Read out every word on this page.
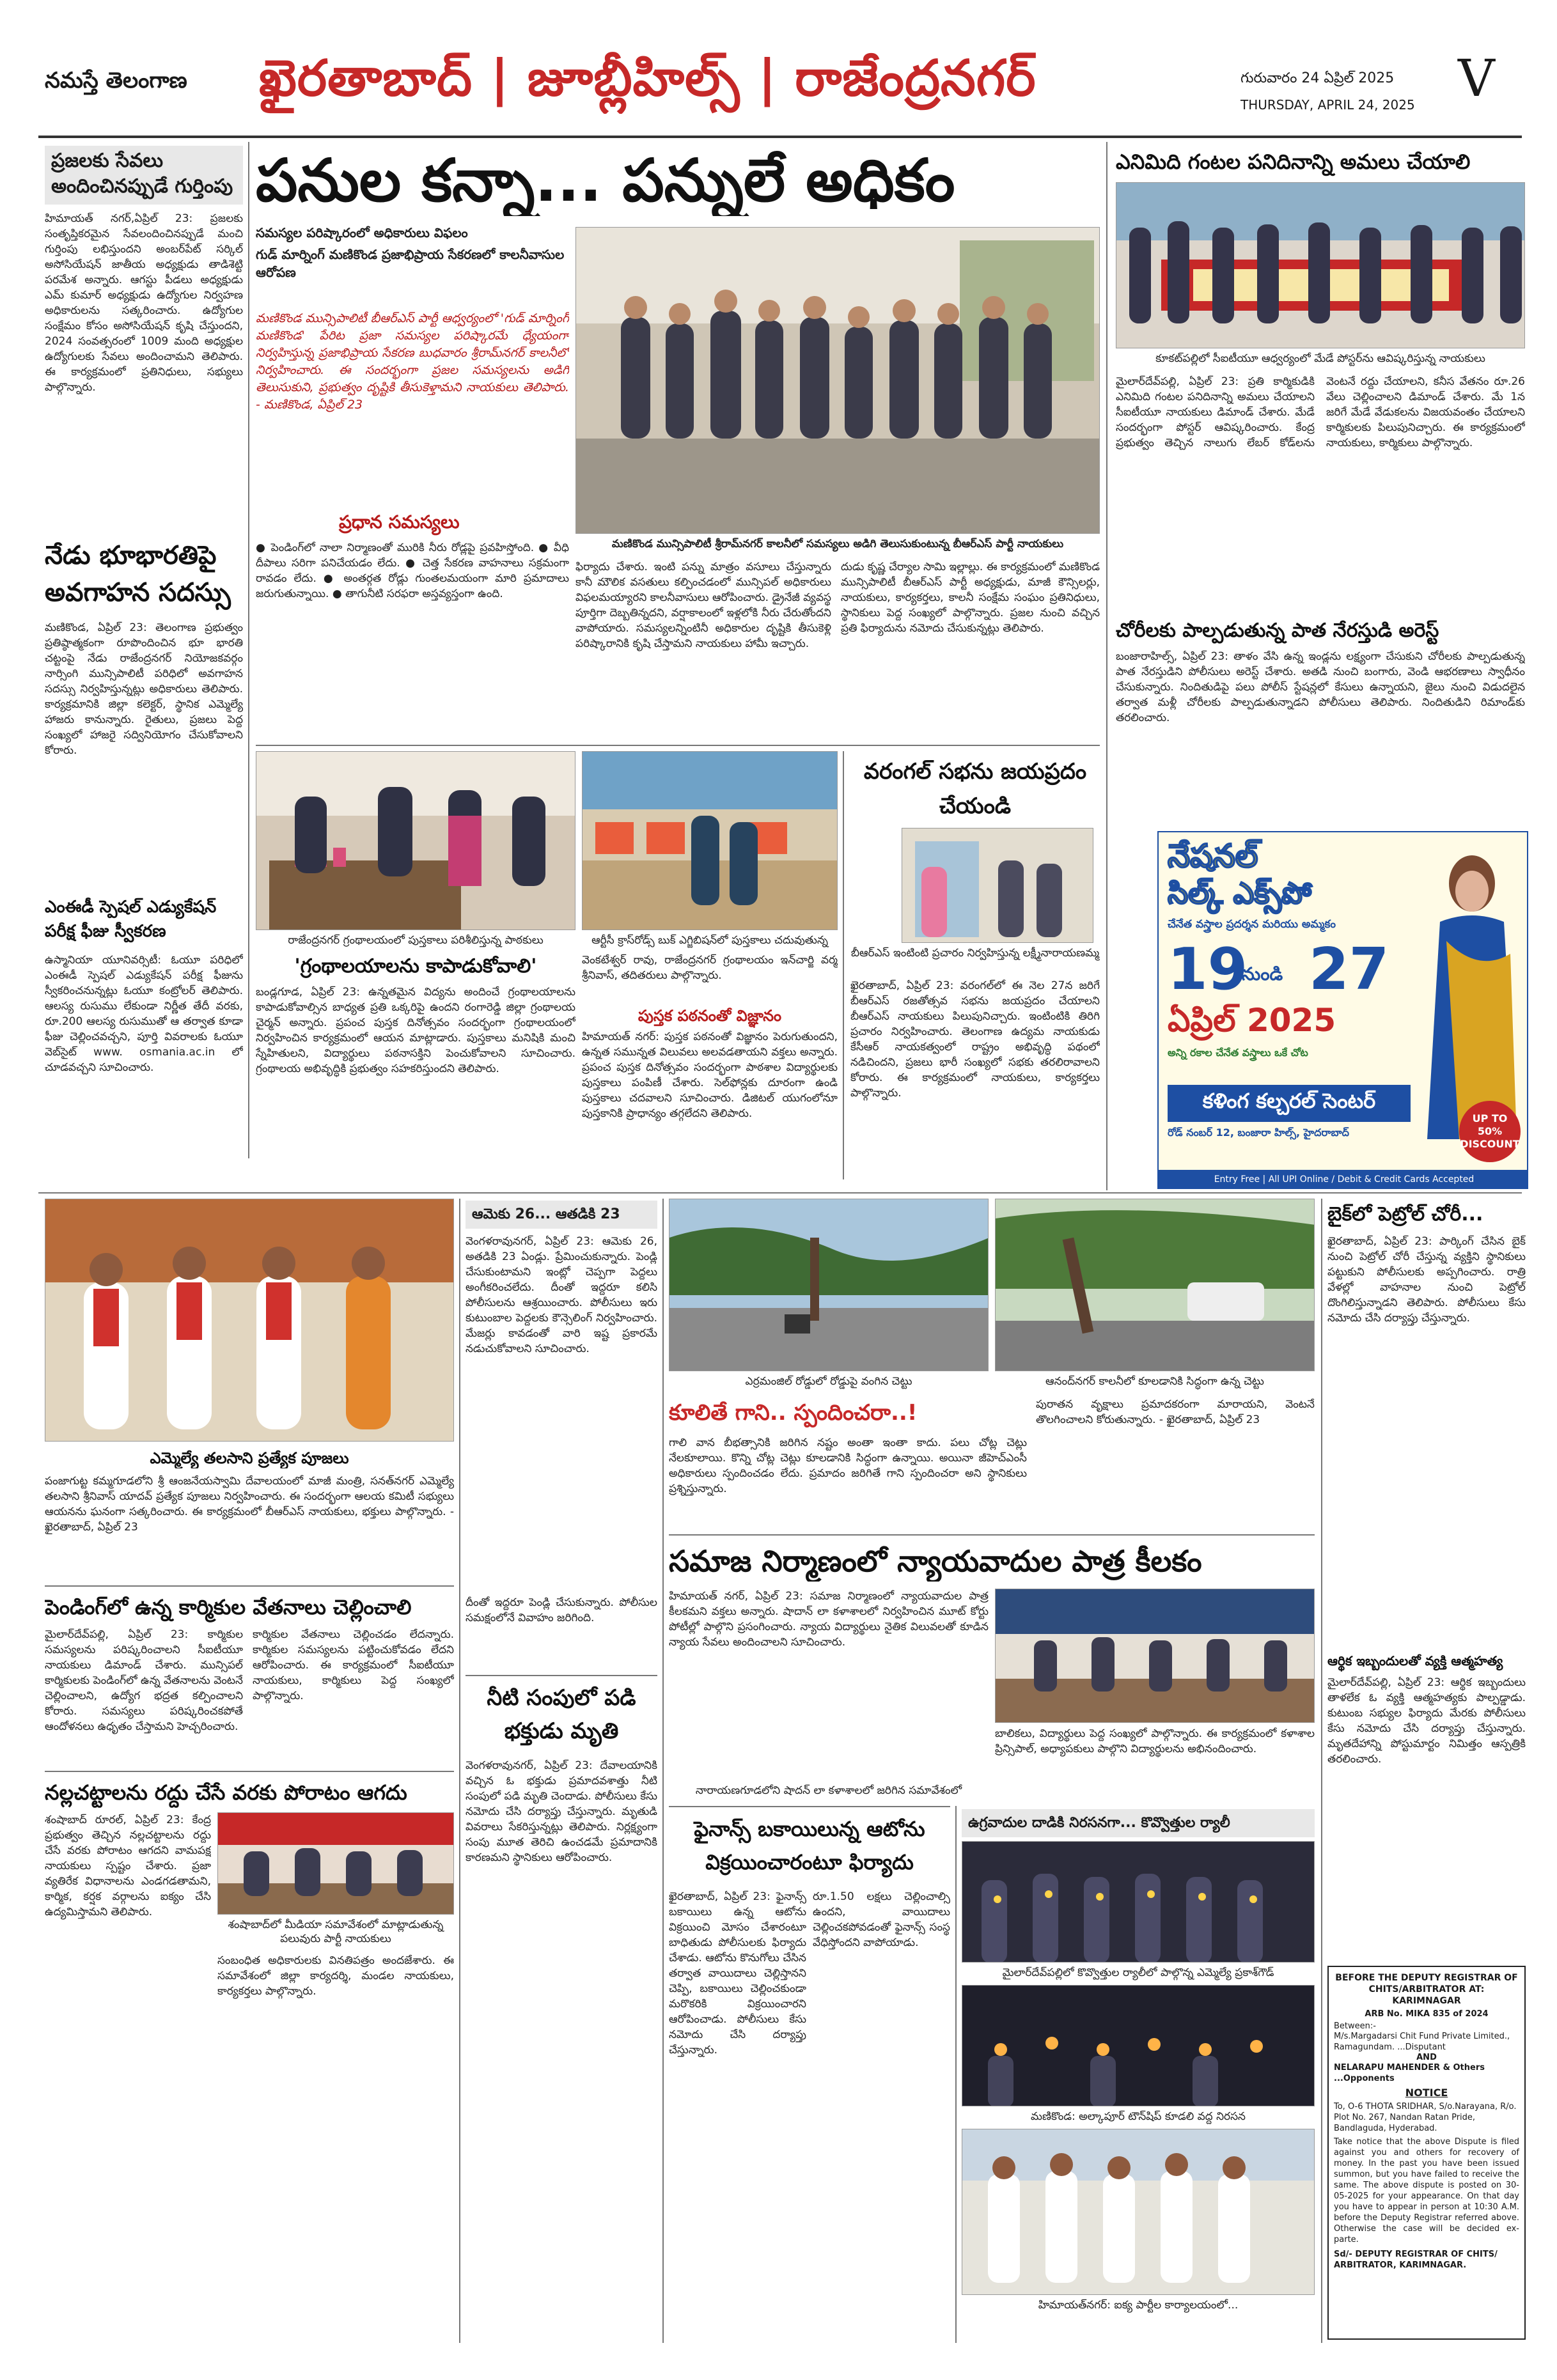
నమస్తే తెలంగాణ ఖైరతాబాద్ | జూబ్లీహిల్స్ | రాజేంద్రనగర్	గురువారం 24 ఏప్రిల్ 2025
THURSDAY, APRIL 24, 2025 V
ప్రజలకు సేవలు అందించినప్పుడే గుర్తింపు
హిమాయత్ నగర్,ఏప్రిల్ 23: ప్రజలకు సంతృప్తికరమైన సేవలందించినప్పుడే మంచి గుర్తింపు లభిస్తుందని అంబర్‌పేట్ సర్కిల్ అసోసియేషన్ జాతీయ అధ్యక్షుడు తాడిశెట్టి పరమేశ అన్నారు. ఆగస్టు పీడలు అధ్యక్షుడు ఎమ్ కుమార్ అధ్యక్షుడు ఉద్యోగుల నిర్వహణ అధికారులను సత్కరించారు. ఉద్యోగుల సంక్షేమం కోసం అసోసియేషన్ కృషి చేస్తుందని, 2024 సంవత్సరంలో 1009 మంది అధ్యక్షుల ఉద్యోగులకు సేవలు అందించామని తెలిపారు. ఈ కార్యక్రమంలో ప్రతినిధులు, సభ్యులు పాల్గొన్నారు.
నేడు భూభారతిపై అవగాహన సదస్సు
మణికొండ, ఏప్రిల్ 23: తెలంగాణ ప్రభుత్వం ప్రతిష్ఠాత్మకంగా రూపొందించిన భూ భారతి చట్టంపై నేడు రాజేంద్రనగర్ నియోజకవర్గం నార్సింగి మున్సిపాలిటీ పరిధిలో అవగాహన సదస్సు నిర్వహిస్తున్నట్లు అధికారులు తెలిపారు. కార్యక్రమానికి జిల్లా కలెక్టర్, స్థానిక ఎమ్మెల్యే హాజరు కానున్నారు. రైతులు, ప్రజలు పెద్ద సంఖ్యలో హాజరై సద్వినియోగం చేసుకోవాలని కోరారు.
ఎంఈడీ స్పెషల్ ఎడ్యుకేషన్ పరీక్ష ఫీజు స్వీకరణ
ఉస్మానియా యూనివర్సిటీ: ఓయూ పరిధిలో ఎంఈడీ స్పెషల్ ఎడ్యుకేషన్ పరీక్ష ఫీజును స్వీకరించనున్నట్లు ఓయూ కంట్రోలర్ తెలిపారు. ఆలస్య రుసుము లేకుండా నిర్ణీత తేదీ వరకు, రూ.200 ఆలస్య రుసుముతో ఆ తర్వాత కూడా ఫీజు చెల్లించవచ్చని, పూర్తి వివరాలకు ఓయూ వెబ్‌సైట్ www. osmania.ac.in లో చూడవచ్చని సూచించారు.
పనుల కన్నా... పన్నులే అధికం
సమస్యల పరిష్కారంలో అధికారులు విఫలం
గుడ్ మార్నింగ్ మణికొండ ప్రజాభిప్రాయ సేకరణలో కాలనీవాసుల ఆరోపణ
మణికొండ మున్సిపాలిటీ బీఆర్ఎస్ పార్టీ ఆధ్వర్యంలో 'గుడ్ మార్నింగ్ మణికొండ' పేరిట ప్రజా సమస్యల పరిష్కారమే ధ్యేయంగా నిర్వహిస్తున్న ప్రజాభిప్రాయ సేకరణ బుధవారం శ్రీరామ్‌నగర్ కాలనీలో నిర్వహించారు. ఈ సందర్భంగా ప్రజల సమస్యలను అడిగి తెలుసుకుని, ప్రభుత్వం దృష్టికి తీసుకెళ్తామని నాయకులు తెలిపారు. - మణికొండ, ఏప్రిల్ 23
ప్రధాన సమస్యలు
● పెండింగ్‌లో నాలా నిర్మాణంతో మురికి నీరు రోడ్లపై ప్రవహిస్తోంది. ● వీధి దీపాలు సరిగా పనిచేయడం లేదు. ● చెత్త సేకరణ వాహనాలు సక్రమంగా రావడం లేదు. ● అంతర్గత రోడ్లు గుంతలమయంగా మారి ప్రమాదాలు జరుగుతున్నాయి. ● తాగునీటి సరఫరా అస్తవ్యస్తంగా ఉంది.
మణికొండ మున్సిపాలిటీ శ్రీరామ్‌నగర్ కాలనీలో సమస్యలు అడిగి తెలుసుకుంటున్న బీఆర్ఎస్ పార్టీ నాయకులు
ఫిర్యాదు చేశారు. ఇంటి పన్ను మాత్రం వసూలు చేస్తున్నారు కానీ మౌలిక వసతులు కల్పించడంలో మున్సిపల్ అధికారులు విఫలమయ్యారని కాలనీవాసులు ఆరోపించారు. డ్రైనేజీ వ్యవస్థ పూర్తిగా దెబ్బతిన్నదని, వర్షాకాలంలో ఇళ్లలోకి నీరు చేరుతోందని వాపోయారు. సమస్యలన్నింటినీ అధికారుల దృష్టికి తీసుకెళ్లి పరిష్కారానికి కృషి చేస్తామని నాయకులు హామీ ఇచ్చారు.
దుడు కృష్ణ చేర్యాల సామి ఇల్లాల్లు. ఈ కార్యక్రమంలో మణికొండ మున్సిపాలిటీ బీఆర్ఎస్ పార్టీ అధ్యక్షుడు, మాజీ కౌన్సిలర్లు, నాయకులు, కార్యకర్తలు, కాలనీ సంక్షేమ సంఘం ప్రతినిధులు, స్థానికులు పెద్ద సంఖ్యలో పాల్గొన్నారు. ప్రజల నుంచి వచ్చిన ప్రతి ఫిర్యాదును నమోదు చేసుకున్నట్లు తెలిపారు.
ఎనిమిది గంటల పనిదినాన్ని అమలు చేయాలి
కూకట్‌పల్లిలో సీఐటీయూ ఆధ్వర్యంలో మేడే పోస్టర్‌ను ఆవిష్కరిస్తున్న నాయకులు
మైలార్‌దేవ్‌పల్లి, ఏప్రిల్ 23: ప్రతి కార్మికుడికి ఎనిమిది గంటల పనిదినాన్ని అమలు చేయాలని సీఐటీయూ నాయకులు డిమాండ్ చేశారు. మేడే సందర్భంగా పోస్టర్ ఆవిష్కరించారు. కేంద్ర ప్రభుత్వం తెచ్చిన నాలుగు లేబర్ కోడ్‌లను వెంటనే రద్దు చేయాలని, కనీస వేతనం రూ.26 వేలు చెల్లించాలని డిమాండ్ చేశారు. మే 1న జరిగే మేడే వేడుకలను విజయవంతం చేయాలని కార్మికులకు పిలుపునిచ్చారు. ఈ కార్యక్రమంలో నాయకులు, కార్మికులు పాల్గొన్నారు.
చోరీలకు పాల్పడుతున్న పాత నేరస్తుడి అరెస్ట్
బంజారాహిల్స్, ఏప్రిల్ 23: తాళం వేసి ఉన్న ఇండ్లను లక్ష్యంగా చేసుకుని చోరీలకు పాల్పడుతున్న పాత నేరస్తుడిని పోలీసులు అరెస్ట్ చేశారు. అతడి నుంచి బంగారు, వెండి ఆభరణాలు స్వాధీనం చేసుకున్నారు. నిందితుడిపై పలు పోలీస్ స్టేషన్లలో కేసులు ఉన్నాయని, జైలు నుంచి విడుదలైన తర్వాత మళ్లీ చోరీలకు పాల్పడుతున్నాడని పోలీసులు తెలిపారు. నిందితుడిని రిమాండ్‌కు తరలించారు.
రాజేంద్రనగర్ గ్రంథాలయంలో పుస్తకాలు పరిశీలిస్తున్న పాఠకులు	ఆర్టీసీ క్రాస్‌రోడ్స్ బుక్ ఎగ్జిబిషన్‌లో పుస్తకాలు చదువుతున్న
'గ్రంథాలయాలను కాపాడుకోవాలి'
బండ్లగూడ, ఏప్రిల్ 23: ఉన్నతమైన విద్యను అందించే గ్రంథాలయాలను కాపాడుకోవాల్సిన బాధ్యత ప్రతి ఒక్కరిపై ఉందని రంగారెడ్డి జిల్లా గ్రంథాలయ చైర్మన్ అన్నారు. ప్రపంచ పుస్తక దినోత్సవం సందర్భంగా గ్రంథాలయంలో నిర్వహించిన కార్యక్రమంలో ఆయన మాట్లాడారు. పుస్తకాలు మనిషికి మంచి స్నేహితులని, విద్యార్థులు పఠనాసక్తిని పెంచుకోవాలని సూచించారు. గ్రంథాలయ అభివృద్ధికి ప్రభుత్వం సహకరిస్తుందని తెలిపారు.
వెంకటేశ్వర్ రావు, రాజేంద్రనగర్ గ్రంథాలయం ఇన్‌చార్జి వర్మ శ్రీనివాస్, తదితరులు పాల్గొన్నారు.
పుస్తక పఠనంతో విజ్ఞానం
హిమాయత్ నగర్: పుస్తక పఠనంతో విజ్ఞానం పెరుగుతుందని, ఉన్నత సమున్నత విలువలు అలవడతాయని వక్తలు అన్నారు. ప్రపంచ పుస్తక దినోత్సవం సందర్భంగా పాఠశాల విద్యార్థులకు పుస్తకాలు పంపిణీ చేశారు. సెల్‌ఫోన్లకు దూరంగా ఉండి పుస్తకాలు చదవాలని సూచించారు. డిజిటల్ యుగంలోనూ పుస్తకానికి ప్రాధాన్యం తగ్గలేదని తెలిపారు.
వరంగల్ సభను జయప్రదం చేయండి
బీఆర్ఎస్ ఇంటింటి ప్రచారం నిర్వహిస్తున్న లక్ష్మీనారాయణమ్మ
ఖైరతాబాద్, ఏప్రిల్ 23: వరంగల్‌లో ఈ నెల 27న జరిగే బీఆర్ఎస్ రజతోత్సవ సభను జయప్రదం చేయాలని బీఆర్ఎస్ నాయకులు పిలుపునిచ్చారు. ఇంటింటికి తిరిగి ప్రచారం నిర్వహించారు. తెలంగాణ ఉద్యమ నాయకుడు కేసీఆర్ నాయకత్వంలో రాష్ట్రం అభివృద్ధి పథంలో నడిచిందని, ప్రజలు భారీ సంఖ్యలో సభకు తరలిరావాలని కోరారు. ఈ కార్యక్రమంలో నాయకులు, కార్యకర్తలు పాల్గొన్నారు.
నేషనల్
సిల్క్ ఎక్స్‌పో
చేనేత వస్త్రాల ప్రదర్శన మరియు అమ్మకం
19
నుండి 27
ఏప్రిల్ 2025
అన్ని రకాల చేనేత వస్త్రాలు ఒకే చోట
కళింగ కల్చరల్ సెంటర్
రోడ్ నంబర్ 12, బంజారా హిల్స్, హైదరాబాద్
UP TO 50% DISCOUNT
Entry Free | All UPI Online / Debit & Credit Cards Accepted
ఎమ్మెల్యే తలసాని ప్రత్యేక పూజలు
పంజాగుట్ట కమ్మగూడలోని శ్రీ ఆంజనేయస్వామి దేవాలయంలో మాజీ మంత్రి, సనత్‌నగర్ ఎమ్మెల్యే తలసాని శ్రీనివాస్ యాదవ్ ప్రత్యేక పూజలు నిర్వహించారు. ఈ సందర్భంగా ఆలయ కమిటీ సభ్యులు ఆయనను ఘనంగా సత్కరించారు. ఈ కార్యక్రమంలో బీఆర్ఎస్ నాయకులు, భక్తులు పాల్గొన్నారు. - ఖైరతాబాద్, ఏప్రిల్ 23
పెండింగ్‌లో ఉన్న కార్మికుల వేతనాలు చెల్లించాలి
మైలార్‌దేవ్‌పల్లి, ఏప్రిల్ 23: కార్మికుల సమస్యలను పరిష్కరించాలని సీఐటీయూ నాయకులు డిమాండ్ చేశారు. మున్సిపల్ కార్మికులకు పెండింగ్‌లో ఉన్న వేతనాలను వెంటనే చెల్లించాలని, ఉద్యోగ భద్రత కల్పించాలని కోరారు. సమస్యలు పరిష్కరించకపోతే ఆందోళనలు ఉధృతం చేస్తామని హెచ్చరించారు.
కార్మికుల వేతనాలు చెల్లించడం లేదన్నారు. కార్మికుల సమస్యలను పట్టించుకోవడం లేదని ఆరోపించారు. ఈ కార్యక్రమంలో సీఐటీయూ నాయకులు, కార్మికులు పెద్ద సంఖ్యలో పాల్గొన్నారు.
నల్లచట్టాలను రద్దు చేసే వరకు పోరాటం ఆగదు
శంషాబాద్‌లో మీడియా సమావేశంలో మాట్లాడుతున్న పలువురు పార్టీ నాయకులు
శంషాబాద్ రూరల్, ఏప్రిల్ 23: కేంద్ర ప్రభుత్వం తెచ్చిన నల్లచట్టాలను రద్దు చేసే వరకు పోరాటం ఆగదని వామపక్ష నాయకులు స్పష్టం చేశారు. ప్రజా వ్యతిరేక విధానాలను ఎండగడతామని, కార్మిక, కర్షక వర్గాలను ఐక్యం చేసి ఉద్యమిస్తామని తెలిపారు.
సంబంధిత అధికారులకు వినతిపత్రం అందజేశారు. ఈ సమావేశంలో జిల్లా కార్యదర్శి, మండల నాయకులు, కార్యకర్తలు పాల్గొన్నారు.
ఆమెకు 26... ఆతడికి 23
వెంగళరావునగర్, ఏప్రిల్ 23: ఆమెకు 26, అతడికి 23 ఏండ్లు. ప్రేమించుకున్నారు. పెండ్లి చేసుకుంటామని ఇంట్లో చెప్పగా పెద్దలు అంగీకరించలేదు. దీంతో ఇద్దరూ కలిసి పోలీసులను ఆశ్రయించారు. పోలీసులు ఇరు కుటుంబాల పెద్దలకు కౌన్సెలింగ్ నిర్వహించారు. మేజర్లు కావడంతో వారి ఇష్ట ప్రకారమే నడుచుకోవాలని సూచించారు.
దీంతో ఇద్దరూ పెండ్లి చేసుకున్నారు. పోలీసుల సమక్షంలోనే వివాహం జరిగింది.
నీటి సంపులో పడి భక్తుడు మృతి
వెంగళరావునగర్, ఏప్రిల్ 23: దేవాలయానికి వచ్చిన ఓ భక్తుడు ప్రమాదవశాత్తు నీటి సంపులో పడి మృతి చెందాడు. పోలీసులు కేసు నమోదు చేసి దర్యాప్తు చేస్తున్నారు. మృతుడి వివరాలు సేకరిస్తున్నట్లు తెలిపారు. నిర్లక్ష్యంగా సంపు మూత తెరిచి ఉంచడమే ప్రమాదానికి కారణమని స్థానికులు ఆరోపించారు.
ఎర్రమంజిల్ రోడ్డులో రోడ్డుపై వంగిన చెట్టు	ఆనంద్‌నగర్ కాలనీలో కూలడానికి సిద్ధంగా ఉన్న చెట్టు
కూలితే గాని.. స్పందించరా..!
గాలి వాన బీభత్సానికి జరిగిన నష్టం అంతా ఇంతా కాదు. పలు చోట్ల చెట్లు నేలకూలాయి. కొన్ని చోట్ల చెట్లు కూలడానికి సిద్ధంగా ఉన్నాయి. అయినా జీహెచ్ఎంసీ అధికారులు స్పందించడం లేదు. ప్రమాదం జరిగితే గాని స్పందించరా అని స్థానికులు ప్రశ్నిస్తున్నారు.
పురాతన వృక్షాలు ప్రమాదకరంగా మారాయని, వెంటనే తొలగించాలని కోరుతున్నారు. - ఖైరతాబాద్, ఏప్రిల్ 23
సమాజ నిర్మాణంలో న్యాయవాదుల పాత్ర కీలకం
హిమాయత్ నగర్, ఏప్రిల్ 23: సమాజ నిర్మాణంలో న్యాయవాదుల పాత్ర కీలకమని వక్తలు అన్నారు. షాదాన్ లా కళాశాలలో నిర్వహించిన మూట్ కోర్టు పోటీల్లో పాల్గొని ప్రసంగించారు. న్యాయ విద్యార్థులు నైతిక విలువలతో కూడిన న్యాయ సేవలు అందించాలని సూచించారు.
నారాయణగూడలోని షాదన్ లా కళాశాలలో జరిగిన సమావేశంలో
బాలికలు, విద్యార్థులు పెద్ద సంఖ్యలో పాల్గొన్నారు. ఈ కార్యక్రమంలో కళాశాల ప్రిన్సిపాల్, అధ్యాపకులు పాల్గొని విద్యార్థులను అభినందించారు.
ఫైనాన్స్ బకాయిలున్న ఆటోను విక్రయించారంటూ ఫిర్యాదు
ఖైరతాబాద్, ఏప్రిల్ 23: ఫైనాన్స్ బకాయిలు ఉన్న ఆటోను విక్రయించి మోసం చేశారంటూ బాధితుడు పోలీసులకు ఫిర్యాదు చేశాడు. ఆటోను కొనుగోలు చేసిన తర్వాత వాయిదాలు చెల్లిస్తానని చెప్పి, బకాయిలు చెల్లించకుండా మరొకరికి విక్రయించారని ఆరోపించాడు. పోలీసులు కేసు నమోదు చేసి దర్యాప్తు చేస్తున్నారు.
రూ.1.50 లక్షలు చెల్లించాల్సి ఉందని, వాయిదాలు చెల్లించకపోవడంతో ఫైనాన్స్ సంస్థ వేధిస్తోందని వాపోయాడు.
ఉగ్రవాదుల దాడికి నిరసనగా... కొవ్వొత్తుల ర్యాలీ
మైలార్‌దేవ్‌పల్లిలో కొవ్వొత్తుల ర్యాలీలో పాల్గొన్న ఎమ్మెల్యే ప్రకాశ్‌గౌడ్
మణికొండ: అల్కాపూర్ టౌన్‌షిప్ కూడలి వద్ద నిరసన
హిమాయత్‌నగర్: ఐక్య పార్టీల కార్యాలయంలో...
బైక్‌లో పెట్రోల్ చోరీ...
ఖైరతాబాద్, ఏప్రిల్ 23: పార్కింగ్ చేసిన బైక్ నుంచి పెట్రోల్ చోరీ చేస్తున్న వ్యక్తిని స్థానికులు పట్టుకుని పోలీసులకు అప్పగించారు. రాత్రి వేళల్లో వాహనాల నుంచి పెట్రోల్ దొంగిలిస్తున్నాడని తెలిపారు. పోలీసులు కేసు నమోదు చేసి దర్యాప్తు చేస్తున్నారు.
ఆర్థిక ఇబ్బందులతో వ్యక్తి ఆత్మహత్య
మైలార్‌దేవ్‌పల్లి, ఏప్రిల్ 23: ఆర్థిక ఇబ్బందులు తాళలేక ఓ వ్యక్తి ఆత్మహత్యకు పాల్పడ్డాడు. కుటుంబ సభ్యుల ఫిర్యాదు మేరకు పోలీసులు కేసు నమోదు చేసి దర్యాప్తు చేస్తున్నారు. మృతదేహాన్ని పోస్టుమార్టం నిమిత్తం ఆస్పత్రికి తరలించారు.
BEFORE THE DEPUTY REGISTRAR OF CHITS/ARBITRATOR AT: KARIMNAGAR
ARB No. MIKA 835 of 2024
Between:-
M/s.Margadarsi Chit Fund Private Limited., Ramagundam. ...Disputant
AND
NELARAPU MAHENDER & Others ...Opponents
NOTICE
To, O-6 THOTA SRIDHAR, S/o.Narayana, R/o. Plot No. 267, Nandan Ratan Pride, Bandlaguda, Hyderabad.
Take notice that the above Dispute is filed against you and others for recovery of money. In the past you have been issued summon, but you have failed to receive the same. The above dispute is posted on 30-05-2025 for your appearance. On that day you have to appear in person at 10:30 A.M. before the Deputy Registrar referred above. Otherwise the case will be decided ex-parte.
Sd/- DEPUTY REGISTRAR OF CHITS/ ARBITRATOR, KARIMNAGAR.
